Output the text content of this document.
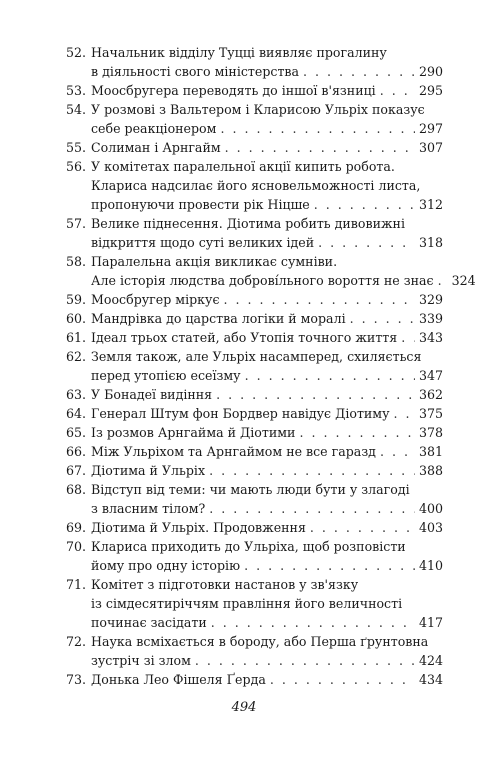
52. Начальник відділу Туцці виявляє прогалину
в діяльності свого міністерства . . .	290
53. Моосбругера переводять до іншої в'язниці . . .	295
54. У розмові з Вальтером і Кларисою Ульріх показує
себе реакціонером . . .	297
55. Солиман і Арнгайм . . .	307
56. У комітетах паралельної акції кипить робота.
Клариса надсилає його ясновельможності листа,
пропонуючи провести рік Ніцше . . .	312
57. Велике піднесення. Діотима робить дивовижні
відкриття щодо суті великих ідей . . .	318
58. Паралельна акція викликає сумніви.
Але історія людства доброві́льного вороття не знає . . . 324
59. Моосбругер міркує . . .	329
60. Мандрівка до царства логіки й моралі . . .	339
61. Ідеал трьох статей, або Утопія точного життя . . . 343
62. Земля також, але Ульріх насамперед, схиляється
перед утопією есеїзму . . .	347
63. У Бонадеї видіння . . .	362
64. Генерал Штум фон Бордвер навідує Діотиму . . . 375
65. Із розмов Арнгайма й Діотими . . .	378
66. Між Ульріхом та Арнгаймом не все гаразд . . .	381
67. Діотима й Ульріх . . .	388
68. Відступ від теми: чи мають люди бути у злагоді
з власним тілом? . . .	400
69. Діотима й Ульріх. Продовження . . .	403
70. Клариса приходить до Ульріха, щоб розповісти
йому про одну історію . . .	410
71. Комітет з підготовки настанов у зв'язку
із сімдесятиріччям правління його величності
починає засідати . . .	417
72. Наука всміхається в бороду, або Перша ґрунтовна
зустріч зі злом . . .	424
73. Донька Лео Фішеля Ґерда . . .	434
494
